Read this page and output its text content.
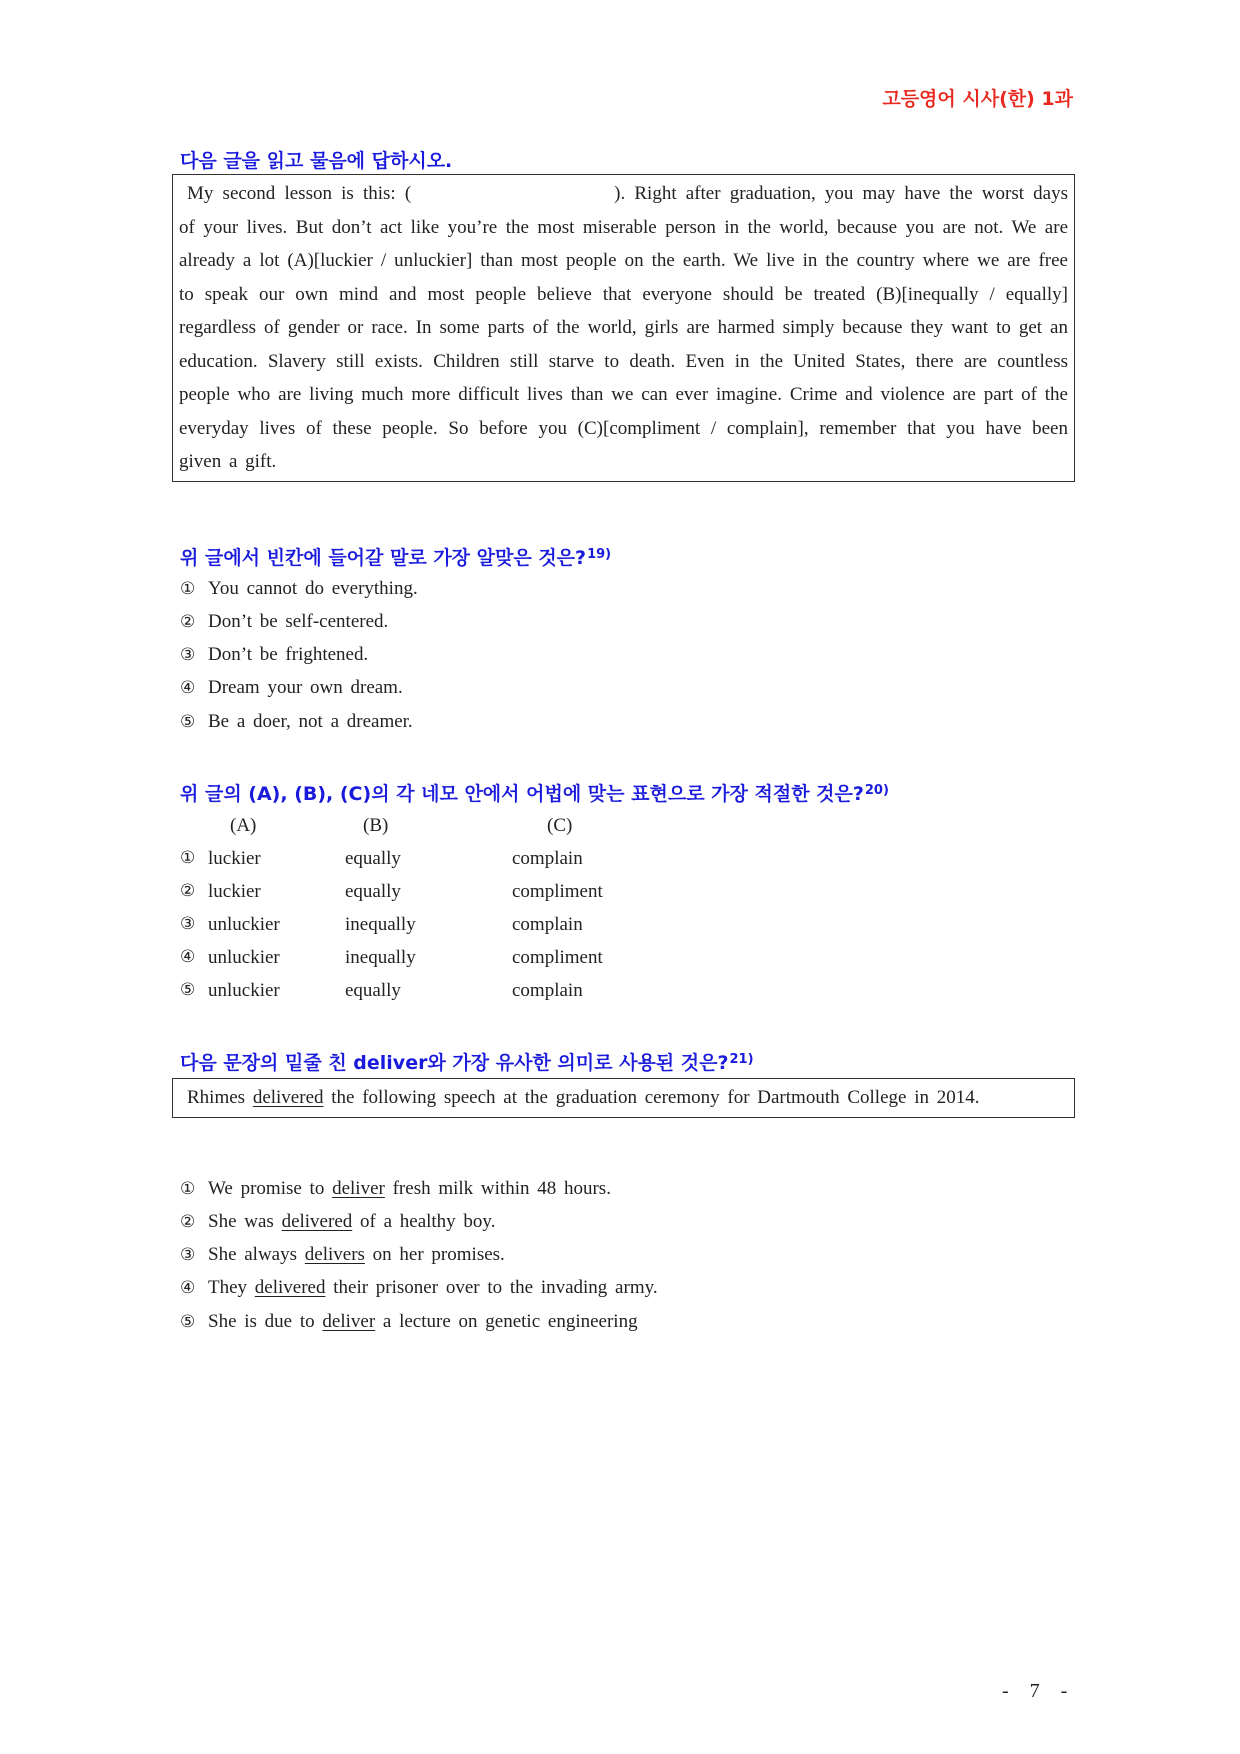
고등영어 시사(한) 1과
다음 글을 읽고 물음에 답하시오.

My second lesson is this: (	). Right after graduation, you may have the worst days of your lives. But don’t act like you’re the most miserable person in the world, because you are not. We are already a lot (A)[luckier / unluckier] than most people on the earth. We live in the country where we are free to speak our own mind and most people believe that everyone should be treated (B)[inequally / equally] regardless of gender or race. In some parts of the world, girls are harmed simply because they want to get an education. Slavery still exists. Children still starve to death. Even in the United States, there are countless people who are living much more difficult lives than we can ever imagine. Crime and violence are part of the everyday lives of these people. So before you (C)[compliment / complain], remember that you have been given a gift.

위 글에서 빈칸에 들어갈 말로 가장 알맞은 것은?$^{19)}$
① You cannot do everything.
② Don’t be self-centered.
③ Don’t be frightened.
④ Dream your own dream.
⑤ Be a doer, not a dreamer.
위 글의 (A), (B), (C)의 각 네모 안에서 어법에 맞는 표현으로 가장 적절한 것은?$^{20)}$
(A)	(B)	(C)
① luckier	equally	complain
② luckier	equally	compliment
③ unluckier	inequally	complain
④ unluckier	inequally	compliment
⑤ unluckier	equally	complain
다음 문장의 밑줄 친 deliver와 가장 유사한 의미로 사용된 것은?$^{21)}$

Rhimes delivered the following speech at the graduation ceremony for Dartmouth College in 2014.

① We promise to deliver fresh milk within 48 hours.
② She was delivered of a healthy boy.
③ She always delivers on her promises.
④ They delivered their prisoner over to the invading army.
⑤ She is due to deliver a lecture on genetic engineering
- 7 -
